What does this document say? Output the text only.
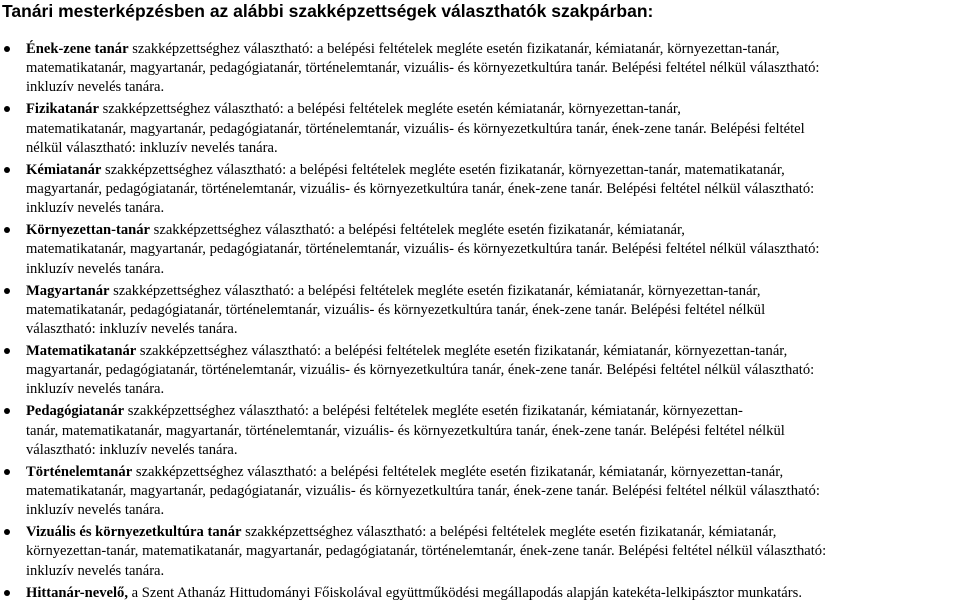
Tanári mesterképzésben az alábbi szakképzettségek választhatók szakpárban:
Ének-zene tanár szakképzettséghez választható: a belépési feltételek megléte esetén fizikatanár, kémiatanár, környezettan-tanár,
matematikatanár, magyartanár, pedagógiatanár, történelemtanár, vizuális- és környezetkultúra tanár. Belépési feltétel nélkül választható:
inkluzív nevelés tanára.
Fizikatanár szakképzettséghez választható: a belépési feltételek megléte esetén kémiatanár, környezettan-tanár,
matematikatanár, magyartanár, pedagógiatanár, történelemtanár, vizuális- és környezetkultúra tanár, ének-zene tanár. Belépési feltétel
nélkül választható: inkluzív nevelés tanára.
Kémiatanár szakképzettséghez választható: a belépési feltételek megléte esetén fizikatanár, környezettan-tanár, matematikatanár,
magyartanár, pedagógiatanár, történelemtanár, vizuális- és környezetkultúra tanár, ének-zene tanár. Belépési feltétel nélkül választható:
inkluzív nevelés tanára.
Környezettan-tanár szakképzettséghez választható: a belépési feltételek megléte esetén fizikatanár, kémiatanár,
matematikatanár, magyartanár, pedagógiatanár, történelemtanár, vizuális- és környezetkultúra tanár. Belépési feltétel nélkül választható:
inkluzív nevelés tanára.
Magyartanár szakképzettséghez választható: a belépési feltételek megléte esetén fizikatanár, kémiatanár, környezettan-tanár,
matematikatanár, pedagógiatanár, történelemtanár, vizuális- és környezetkultúra tanár, ének-zene tanár. Belépési feltétel nélkül
választható: inkluzív nevelés tanára.
Matematikatanár szakképzettséghez választható: a belépési feltételek megléte esetén fizikatanár, kémiatanár, környezettan-tanár,
magyartanár, pedagógiatanár, történelemtanár, vizuális- és környezetkultúra tanár, ének-zene tanár. Belépési feltétel nélkül választható:
inkluzív nevelés tanára.
Pedagógiatanár szakképzettséghez választható: a belépési feltételek megléte esetén fizikatanár, kémiatanár, környezettan-
tanár, matematikatanár, magyartanár, történelemtanár, vizuális- és környezetkultúra tanár, ének-zene tanár. Belépési feltétel nélkül
választható: inkluzív nevelés tanára.
Történelemtanár szakképzettséghez választható: a belépési feltételek megléte esetén fizikatanár, kémiatanár, környezettan-tanár,
matematikatanár, magyartanár, pedagógiatanár, vizuális- és környezetkultúra tanár, ének-zene tanár. Belépési feltétel nélkül választható:
inkluzív nevelés tanára.
Vizuális és környezetkultúra tanár szakképzettséghez választható: a belépési feltételek megléte esetén fizikatanár, kémiatanár,
környezettan-tanár, matematikatanár, magyartanár, pedagógiatanár, történelemtanár, ének-zene tanár. Belépési feltétel nélkül választható:
inkluzív nevelés tanára.
Hittanár-nevelő, a Szent Athanáz Hittudományi Főiskolával együttműködési megállapodás alapján katekéta-lelkipásztor munkatárs.
